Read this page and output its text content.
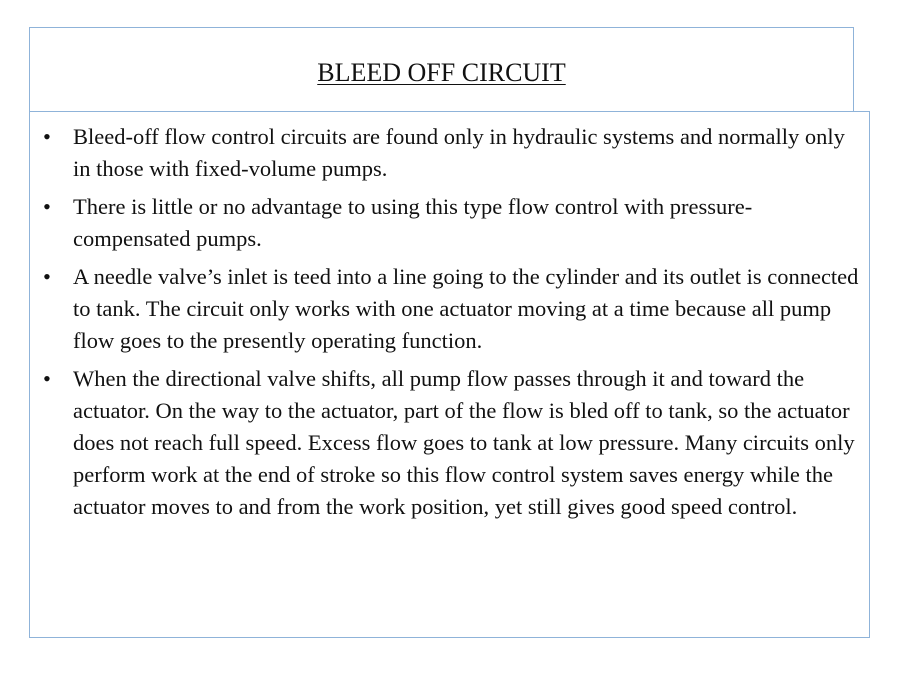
BLEED OFF CIRCUIT
• Bleed-off flow control circuits are found only in hydraulic systems and normally only in those with fixed-volume pumps.
• There is little or no advantage to using this type flow control with pressure-compensated pumps.
• A needle valve’s inlet is teed into a line going to the cylinder and its outlet is connected to tank. The circuit only works with one actuator moving at a time because all pump flow goes to the presently operating function.
• When the directional valve shifts, all pump flow passes through it and toward the actuator. On the way to the actuator, part of the flow is bled off to tank, so the actuator does not reach full speed. Excess flow goes to tank at low pressure. Many circuits only perform work at the end of stroke so this flow control system saves energy while the actuator moves to and from the work position, yet still gives good speed control.
